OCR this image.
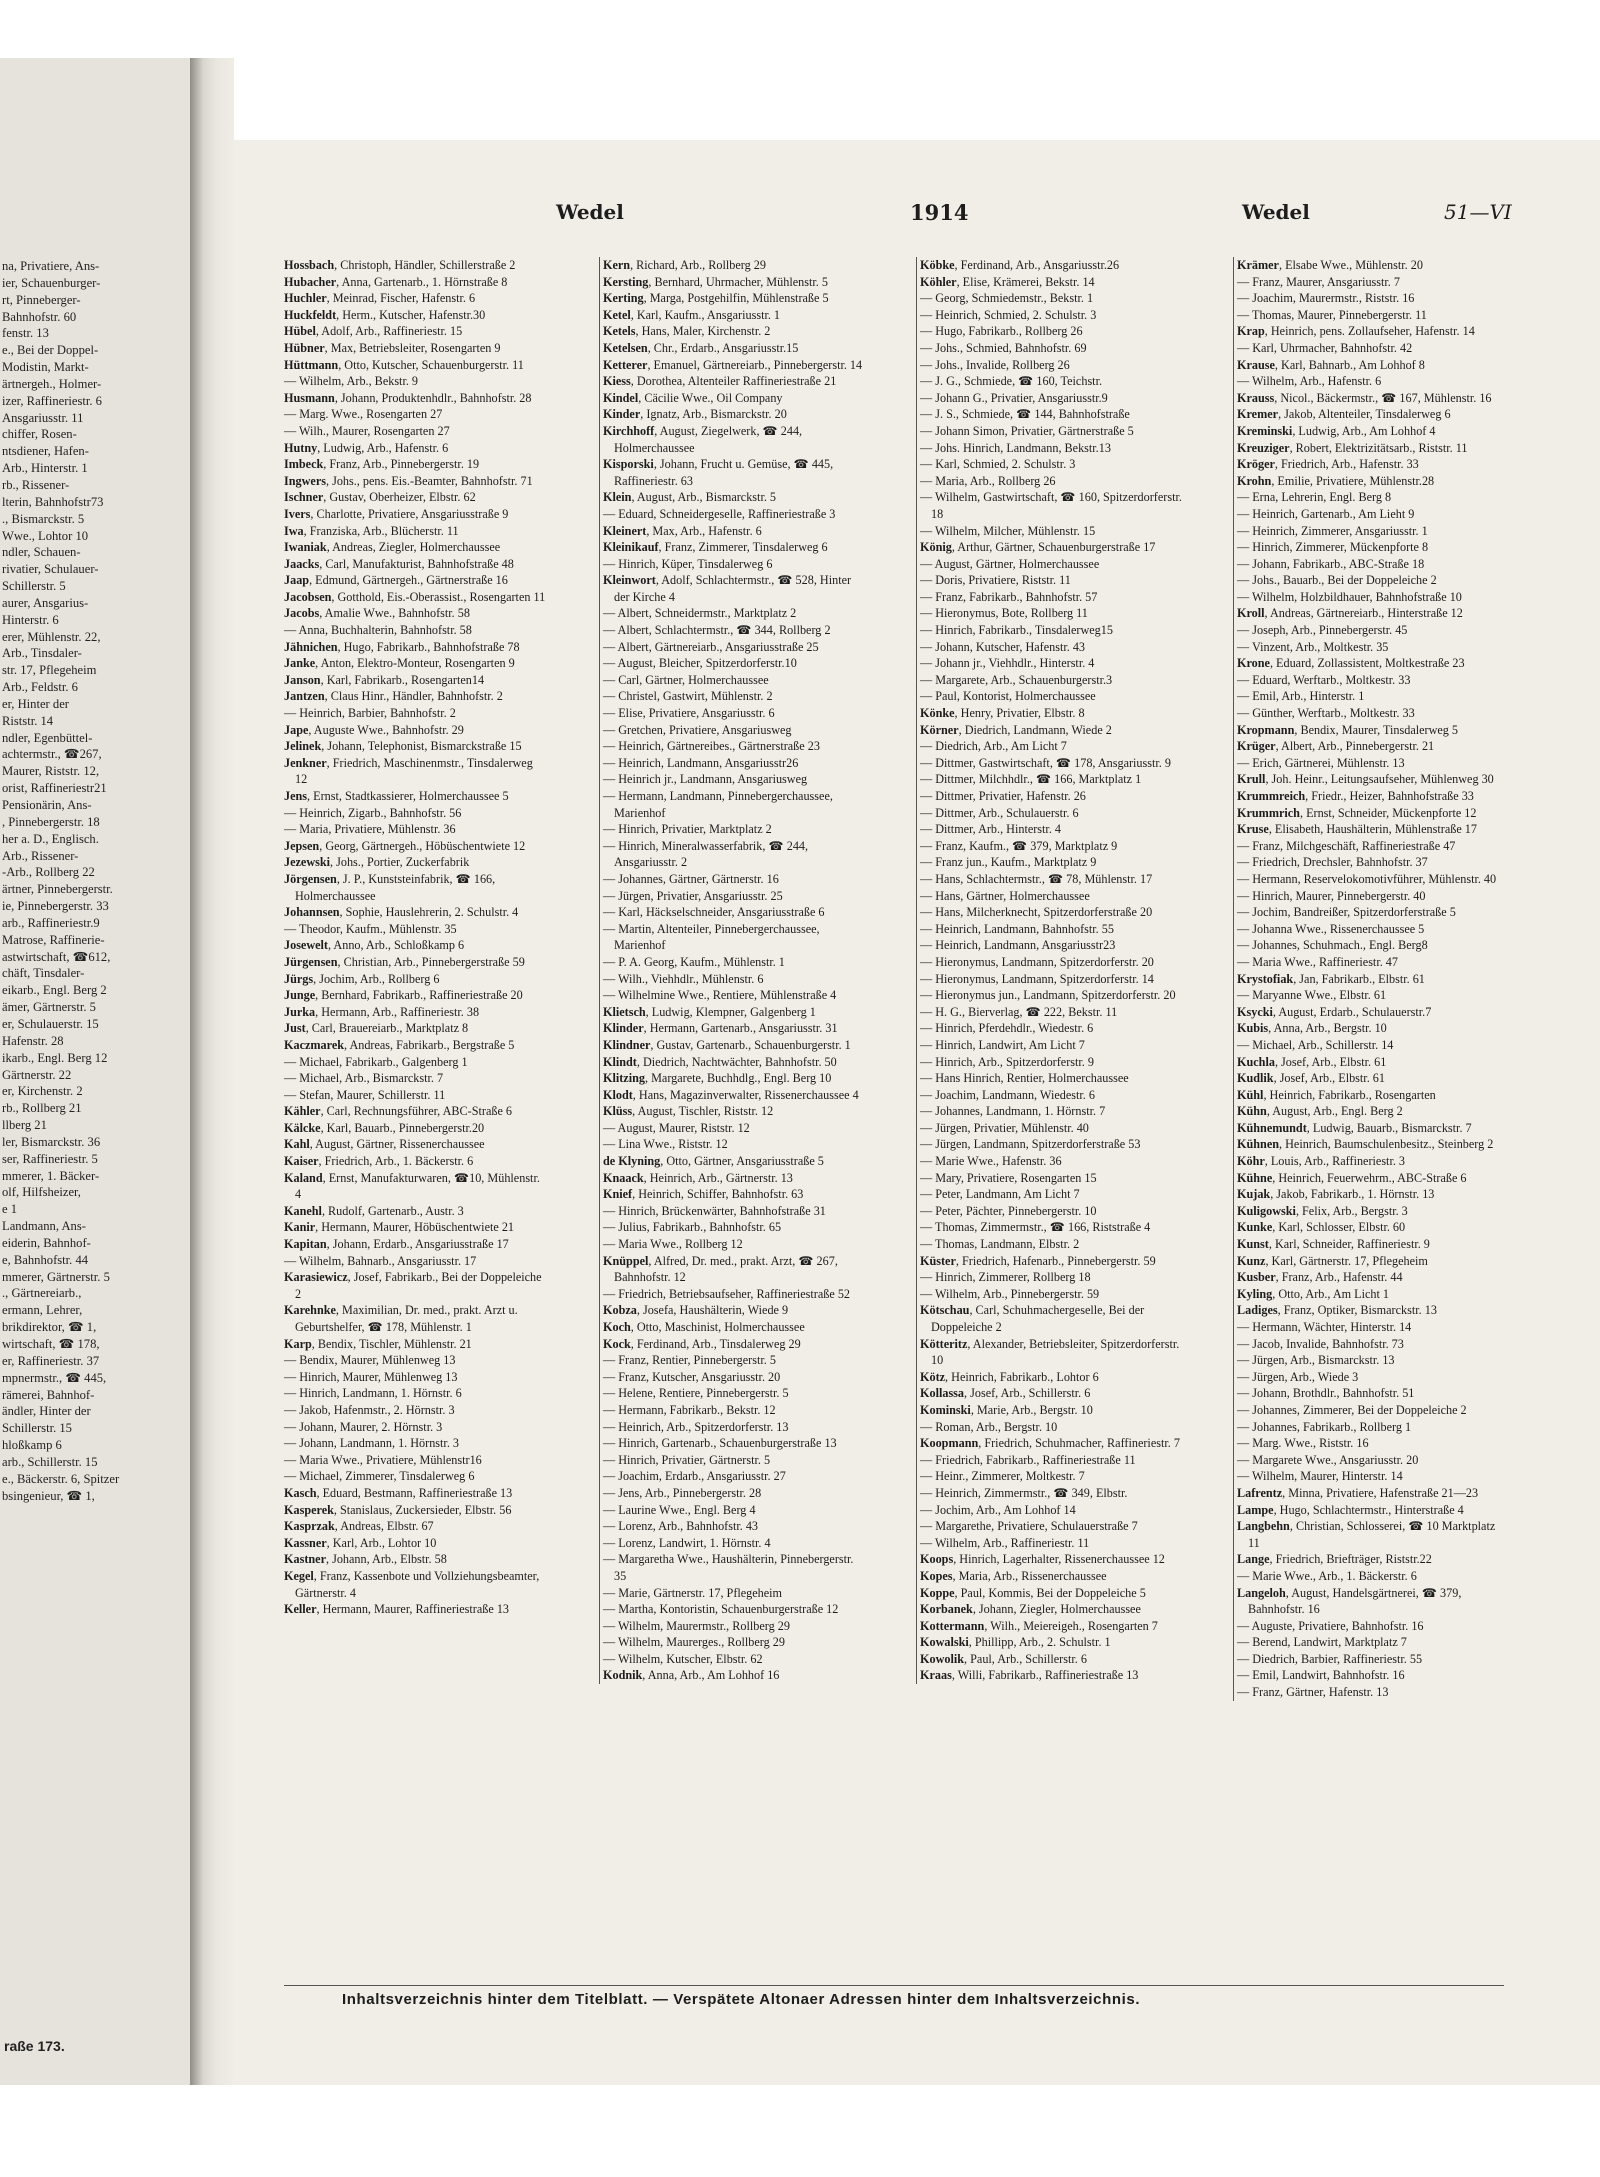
na, Privatiere, Ans-
ier, Schauenburger-
rt, Pinneberger-
Bahnhofstr. 60
fenstr. 13
e., Bei der Doppel-
Modistin, Markt-
ärtnergeh., Holmer-
izer, Raffineriestr. 6
Ansgariusstr. 11
chiffer, Rosen-
ntsdiener, Hafen-
Arb., Hinterstr. 1
rb., Rissener-
lterin, Bahnhofstr73
., Bismarckstr. 5
Wwe., Lohtor 10
ndler, Schauen-
rivatier, Schulauer-
Schillerstr. 5
aurer, Ansgarius-
Hinterstr. 6
erer, Mühlenstr. 22,
Arb., Tinsdaler-
str. 17, Pflegeheim
Arb., Feldstr. 6
er, Hinter der
Riststr. 14
ndler, Egenbüttel-
achtermstr., ☎267,
Maurer, Riststr. 12,
orist, Raffineriestr21
Pensionärin, Ans-
, Pinnebergerstr. 18
her a. D., Englisch.
Arb., Rissener-
-Arb., Rollberg 22
ärtner, Pinnebergerstr.
ie, Pinnebergerstr. 33
arb., Raffineriestr.9
Matrose, Raffinerie-
astwirtschaft, ☎612,
chäft, Tinsdaler-
eikarb., Engl. Berg 2
ämer, Gärtnerstr. 5
er, Schulauerstr. 15
Hafenstr. 28
ikarb., Engl. Berg 12
Gärtnerstr. 22
er, Kirchenstr. 2
rb., Rollberg 21
llberg 21
ler, Bismarckstr. 36
ser, Raffineriestr. 5
mmerer, 1. Bäcker-
olf, Hilfsheizer,
e 1
Landmann, Ans-
eiderin, Bahnhof-
e, Bahnhofstr. 44
mmerer, Gärtnerstr. 5
., Gärtnereiarb.,
ermann, Lehrer,
brikdirektor, ☎ 1,
wirtschaft, ☎ 178,
er, Raffineriestr. 37
mpnermstr., ☎ 445,
rämerei, Bahnhof-
ändler, Hinter der
Schillerstr. 15
hloßkamp 6
arb., Schillerstr. 15
e., Bäckerstr. 6, Spitzer
bsingenieur, ☎ 1,
raße 173.
Wedel	1914	Wedel	51—VI
Hossbach, Christoph, Händler, Schillerstraße 2
Hubacher, Anna, Gartenarb., 1. Hörnstraße 8
Huchler, Meinrad, Fischer, Hafenstr. 6
Huckfeldt, Herm., Kutscher, Hafenstr.30
Hübel, Adolf, Arb., Raffineriestr. 15
Hübner, Max, Betriebsleiter, Rosengarten 9
Hüttmann, Otto, Kutscher, Schauenburgerstr. 11
— Wilhelm, Arb., Bekstr. 9
Husmann, Johann, Produktenhdlr., Bahnhofstr. 28
— Marg. Wwe., Rosengarten 27
— Wilh., Maurer, Rosengarten 27
Hutny, Ludwig, Arb., Hafenstr. 6
Imbeck, Franz, Arb., Pinnebergerstr. 19
Ingwers, Johs., pens. Eis.-Beamter, Bahnhofstr. 71
Ischner, Gustav, Oberheizer, Elbstr. 62
Ivers, Charlotte, Privatiere, Ansgariusstraße 9
Iwa, Franziska, Arb., Blücherstr. 11
Iwaniak, Andreas, Ziegler, Holmerchaussee
Jaacks, Carl, Manufakturist, Bahnhofstraße 48
Jaap, Edmund, Gärtnergeh., Gärtnerstraße 16
Jacobsen, Gotthold, Eis.-Oberassist., Rosengarten 11
Jacobs, Amalie Wwe., Bahnhofstr. 58
— Anna, Buchhalterin, Bahnhofstr. 58
Jähnichen, Hugo, Fabrikarb., Bahnhofstraße 78
Janke, Anton, Elektro-Monteur, Rosengarten 9
Janson, Karl, Fabrikarb., Rosengarten14
Jantzen, Claus Hinr., Händler, Bahnhofstr. 2
— Heinrich, Barbier, Bahnhofstr. 2
Jape, Auguste Wwe., Bahnhofstr. 29
Jelinek, Johann, Telephonist, Bismarckstraße 15
Jenkner, Friedrich, Maschinenmstr., Tinsdalerweg 12
Jens, Ernst, Stadtkassierer, Holmerchaussee 5
— Heinrich, Zigarb., Bahnhofstr. 56
— Maria, Privatiere, Mühlenstr. 36
Jepsen, Georg, Gärtnergeh., Höbüschentwiete 12
Jezewski, Johs., Portier, Zuckerfabrik
Jörgensen, J. P., Kunststeinfabrik, ☎ 166, Holmerchaussee
Johannsen, Sophie, Hauslehrerin, 2. Schulstr. 4
— Theodor, Kaufm., Mühlenstr. 35
Josewelt, Anno, Arb., Schloßkamp 6
Jürgensen, Christian, Arb., Pinnebergerstraße 59
Jürgs, Jochim, Arb., Rollberg 6
Junge, Bernhard, Fabrikarb., Raffineriestraße 20
Jurka, Hermann, Arb., Raffineriestr. 38
Just, Carl, Brauereiarb., Marktplatz 8
Kaczmarek, Andreas, Fabrikarb., Bergstraße 5
— Michael, Fabrikarb., Galgenberg 1
— Michael, Arb., Bismarckstr. 7
— Stefan, Maurer, Schillerstr. 11
Kähler, Carl, Rechnungsführer, ABC-Straße 6
Kälcke, Karl, Bauarb., Pinnebergerstr.20
Kahl, August, Gärtner, Rissenerchaussee
Kaiser, Friedrich, Arb., 1. Bäckerstr. 6
Kaland, Ernst, Manufakturwaren, ☎10, Mühlenstr. 4
Kanehl, Rudolf, Gartenarb., Austr. 3
Kanir, Hermann, Maurer, Höbüschentwiete 21
Kapitan, Johann, Erdarb., Ansgariusstraße 17
— Wilhelm, Bahnarb., Ansgariusstr. 17
Karasiewicz, Josef, Fabrikarb., Bei der Doppeleiche 2
Karehnke, Maximilian, Dr. med., prakt. Arzt u. Geburtshelfer, ☎ 178, Mühlenstr. 1
Karp, Bendix, Tischler, Mühlenstr. 21
— Bendix, Maurer, Mühlenweg 13
— Hinrich, Maurer, Mühlenweg 13
— Hinrich, Landmann, 1. Hörnstr. 6
— Jakob, Hafenmstr., 2. Hörnstr. 3
— Johann, Maurer, 2. Hörnstr. 3
— Johann, Landmann, 1. Hörnstr. 3
— Maria Wwe., Privatiere, Mühlenstr16
— Michael, Zimmerer, Tinsdalerweg 6
Kasch, Eduard, Bestmann, Raffineriestraße 13
Kasperek, Stanislaus, Zuckersieder, Elbstr. 56
Kasprzak, Andreas, Elbstr. 67
Kassner, Karl, Arb., Lohtor 10
Kastner, Johann, Arb., Elbstr. 58
Kegel, Franz, Kassenbote und Vollziehungsbeamter, Gärtnerstr. 4
Keller, Hermann, Maurer, Raffineriestraße 13
Kern, Richard, Arb., Rollberg 29
Kersting, Bernhard, Uhrmacher, Mühlenstr. 5
Kerting, Marga, Postgehilfin, Mühlenstraße 5
Ketel, Karl, Kaufm., Ansgariusstr. 1
Ketels, Hans, Maler, Kirchenstr. 2
Ketelsen, Chr., Erdarb., Ansgariusstr.15
Ketterer, Emanuel, Gärtnereiarb., Pinnebergerstr. 14
Kiess, Dorothea, Altenteiler Raffineriestraße 21
Kindel, Cäcilie Wwe., Oil Company
Kinder, Ignatz, Arb., Bismarckstr. 20
Kirchhoff, August, Ziegelwerk, ☎ 244, Holmerchaussee
Kisporski, Johann, Frucht u. Gemüse, ☎ 445, Raffineriestr. 63
Klein, August, Arb., Bismarckstr. 5
— Eduard, Schneidergeselle, Raffineriestraße 3
Kleinert, Max, Arb., Hafenstr. 6
Kleinikauf, Franz, Zimmerer, Tinsdalerweg 6
— Hinrich, Küper, Tinsdalerweg 6
Kleinwort, Adolf, Schlachtermstr., ☎ 528, Hinter der Kirche 4
— Albert, Schneidermstr., Marktplatz 2
— Albert, Schlachtermstr., ☎ 344, Rollberg 2
— Albert, Gärtnereiarb., Ansgariusstraße 25
— August, Bleicher, Spitzerdorferstr.10
— Carl, Gärtner, Holmerchaussee
— Christel, Gastwirt, Mühlenstr. 2
— Elise, Privatiere, Ansgariusstr. 6
— Gretchen, Privatiere, Ansgariusweg
— Heinrich, Gärtnereibes., Gärtnerstraße 23
— Heinrich, Landmann, Ansgariusstr26
— Heinrich jr., Landmann, Ansgariusweg
— Hermann, Landmann, Pinnebergerchaussee, Marienhof
— Hinrich, Privatier, Marktplatz 2
— Hinrich, Mineralwasserfabrik, ☎ 244, Ansgariusstr. 2
— Johannes, Gärtner, Gärtnerstr. 16
— Jürgen, Privatier, Ansgariusstr. 25
— Karl, Häckselschneider, Ansgariusstraße 6
— Martin, Altenteiler, Pinnebergerchaussee, Marienhof
— P. A. Georg, Kaufm., Mühlenstr. 1
— Wilh., Viehhdlr., Mühlenstr. 6
— Wilhelmine Wwe., Rentiere, Mühlenstraße 4
Klietsch, Ludwig, Klempner, Galgenberg 1
Klinder, Hermann, Gartenarb., Ansgariusstr. 31
Klindner, Gustav, Gartenarb., Schauenburgerstr. 1
Klindt, Diedrich, Nachtwächter, Bahnhofstr. 50
Klitzing, Margarete, Buchhdlg., Engl. Berg 10
Klodt, Hans, Magazinverwalter, Rissenerchaussee 4
Klüss, August, Tischler, Riststr. 12
— August, Maurer, Riststr. 12
— Lina Wwe., Riststr. 12
de Klyning, Otto, Gärtner, Ansgariusstraße 5
Knaack, Heinrich, Arb., Gärtnerstr. 13
Knief, Heinrich, Schiffer, Bahnhofstr. 63
— Hinrich, Brückenwärter, Bahnhofstraße 31
— Julius, Fabrikarb., Bahnhofstr. 65
— Maria Wwe., Rollberg 12
Knüppel, Alfred, Dr. med., prakt. Arzt, ☎ 267, Bahnhofstr. 12
— Friedrich, Betriebsaufseher, Raffineriestraße 52
Kobza, Josefa, Haushälterin, Wiede 9
Koch, Otto, Maschinist, Holmerchaussee
Kock, Ferdinand, Arb., Tinsdalerweg 29
— Franz, Rentier, Pinnebergerstr. 5
— Franz, Kutscher, Ansgariusstr. 20
— Helene, Rentiere, Pinnebergerstr. 5
— Hermann, Fabrikarb., Bekstr. 12
— Heinrich, Arb., Spitzerdorferstr. 13
— Hinrich, Gartenarb., Schauenburgerstraße 13
— Hinrich, Privatier, Gärtnerstr. 5
— Joachim, Erdarb., Ansgariusstr. 27
— Jens, Arb., Pinnebergerstr. 28
— Laurine Wwe., Engl. Berg 4
— Lorenz, Arb., Bahnhofstr. 43
— Lorenz, Landwirt, 1. Hörnstr. 4
— Margaretha Wwe., Haushälterin, Pinnebergerstr. 35
— Marie, Gärtnerstr. 17, Pflegeheim
— Martha, Kontoristin, Schauenburgerstraße 12
— Wilhelm, Maurermstr., Rollberg 29
— Wilhelm, Maurerges., Rollberg 29
— Wilhelm, Kutscher, Elbstr. 62
Kodnik, Anna, Arb., Am Lohhof 16
Köbke, Ferdinand, Arb., Ansgariusstr.26
Köhler, Elise, Krämerei, Bekstr. 14
— Georg, Schmiedemstr., Bekstr. 1
— Heinrich, Schmied, 2. Schulstr. 3
— Hugo, Fabrikarb., Rollberg 26
— Johs., Schmied, Bahnhofstr. 69
— Johs., Invalide, Rollberg 26
— J. G., Schmiede, ☎ 160, Teichstr.
— Johann G., Privatier, Ansgariusstr.9
— J. S., Schmiede, ☎ 144, Bahnhofstraße
— Johann Simon, Privatier, Gärtnerstraße 5
— Johs. Hinrich, Landmann, Bekstr.13
— Karl, Schmied, 2. Schulstr. 3
— Maria, Arb., Rollberg 26
— Wilhelm, Gastwirtschaft, ☎ 160, Spitzerdorferstr. 18
— Wilhelm, Milcher, Mühlenstr. 15
König, Arthur, Gärtner, Schauenburgerstraße 17
— August, Gärtner, Holmerchaussee
— Doris, Privatiere, Riststr. 11
— Franz, Fabrikarb., Bahnhofstr. 57
— Hieronymus, Bote, Rollberg 11
— Hinrich, Fabrikarb., Tinsdalerweg15
— Johann, Kutscher, Hafenstr. 43
— Johann jr., Viehhdlr., Hinterstr. 4
— Margarete, Arb., Schauenburgerstr.3
— Paul, Kontorist, Holmerchaussee
Könke, Henry, Privatier, Elbstr. 8
Körner, Diedrich, Landmann, Wiede 2
— Diedrich, Arb., Am Licht 7
— Dittmer, Gastwirtschaft, ☎ 178, Ansgariusstr. 9
— Dittmer, Milchhdlr., ☎ 166, Marktplatz 1
— Dittmer, Privatier, Hafenstr. 26
— Dittmer, Arb., Schulauerstr. 6
— Dittmer, Arb., Hinterstr. 4
— Franz, Kaufm., ☎ 379, Marktplatz 9
— Franz jun., Kaufm., Marktplatz 9
— Hans, Schlachtermstr., ☎ 78, Mühlenstr. 17
— Hans, Gärtner, Holmerchaussee
— Hans, Milcherknecht, Spitzerdorferstraße 20
— Heinrich, Landmann, Bahnhofstr. 55
— Heinrich, Landmann, Ansgariusstr23
— Hieronymus, Landmann, Spitzerdorferstr. 20
— Hieronymus, Landmann, Spitzerdorferstr. 14
— Hieronymus jun., Landmann, Spitzerdorferstr. 20
— H. G., Bierverlag, ☎ 222, Bekstr. 11
— Hinrich, Pferdehdlr., Wiedestr. 6
— Hinrich, Landwirt, Am Licht 7
— Hinrich, Arb., Spitzerdorferstr. 9
— Hans Hinrich, Rentier, Holmerchaussee
— Joachim, Landmann, Wiedestr. 6
— Johannes, Landmann, 1. Hörnstr. 7
— Jürgen, Privatier, Mühlenstr. 40
— Jürgen, Landmann, Spitzerdorferstraße 53
— Marie Wwe., Hafenstr. 36
— Mary, Privatiere, Rosengarten 15
— Peter, Landmann, Am Licht 7
— Peter, Pächter, Pinnebergerstr. 10
— Thomas, Zimmermstr., ☎ 166, Riststraße 4
— Thomas, Landmann, Elbstr. 2
Küster, Friedrich, Hafenarb., Pinnebergerstr. 59
— Hinrich, Zimmerer, Rollberg 18
— Wilhelm, Arb., Pinnebergerstr. 59
Kötschau, Carl, Schuhmachergeselle, Bei der Doppeleiche 2
Kötteritz, Alexander, Betriebsleiter, Spitzerdorferstr. 10
Kötz, Heinrich, Fabrikarb., Lohtor 6
Kollassa, Josef, Arb., Schillerstr. 6
Kominski, Marie, Arb., Bergstr. 10
— Roman, Arb., Bergstr. 10
Koopmann, Friedrich, Schuhmacher, Raffineriestr. 7
— Friedrich, Fabrikarb., Raffineriestraße 11
— Heinr., Zimmerer, Moltkestr. 7
— Heinrich, Zimmermstr., ☎ 349, Elbstr.
— Jochim, Arb., Am Lohhof 14
— Margarethe, Privatiere, Schulauerstraße 7
— Wilhelm, Arb., Raffineriestr. 11
Koops, Hinrich, Lagerhalter, Rissenerchaussee 12
Kopes, Maria, Arb., Rissenerchaussee
Koppe, Paul, Kommis, Bei der Doppeleiche 5
Korbanek, Johann, Ziegler, Holmerchaussee
Kottermann, Wilh., Meiereigeh., Rosengarten 7
Kowalski, Phillipp, Arb., 2. Schulstr. 1
Kowolik, Paul, Arb., Schillerstr. 6
Kraas, Willi, Fabrikarb., Raffineriestraße 13
Krämer, Elsabe Wwe., Mühlenstr. 20
— Franz, Maurer, Ansgariusstr. 7
— Joachim, Maurermstr., Riststr. 16
— Thomas, Maurer, Pinnebergerstr. 11
Krap, Heinrich, pens. Zollaufseher, Hafenstr. 14
— Karl, Uhrmacher, Bahnhofstr. 42
Krause, Karl, Bahnarb., Am Lohhof 8
— Wilhelm, Arb., Hafenstr. 6
Krauss, Nicol., Bäckermstr., ☎ 167, Mühlenstr. 16
Kremer, Jakob, Altenteiler, Tinsdalerweg 6
Kreminski, Ludwig, Arb., Am Lohhof 4
Kreuziger, Robert, Elektrizitätsarb., Riststr. 11
Kröger, Friedrich, Arb., Hafenstr. 33
Krohn, Emilie, Privatiere, Mühlenstr.28
— Erna, Lehrerin, Engl. Berg 8
— Heinrich, Gartenarb., Am Lieht 9
— Heinrich, Zimmerer, Ansgariusstr. 1
— Hinrich, Zimmerer, Mückenpforte 8
— Johann, Fabrikarb., ABC-Straße 18
— Johs., Bauarb., Bei der Doppeleiche 2
— Wilhelm, Holzbildhauer, Bahnhofstraße 10
Kroll, Andreas, Gärtnereiarb., Hinterstraße 12
— Joseph, Arb., Pinnebergerstr. 45
— Vinzent, Arb., Moltkestr. 35
Krone, Eduard, Zollassistent, Moltkestraße 23
— Eduard, Werftarb., Moltkestr. 33
— Emil, Arb., Hinterstr. 1
— Günther, Werftarb., Moltkestr. 33
Kropmann, Bendix, Maurer, Tinsdalerweg 5
Krüger, Albert, Arb., Pinnebergerstr. 21
— Erich, Gärtnerei, Mühlenstr. 13
Krull, Joh. Heinr., Leitungsaufseher, Mühlenweg 30
Krummreich, Friedr., Heizer, Bahnhofstraße 33
Krummrich, Ernst, Schneider, Mückenpforte 12
Kruse, Elisabeth, Haushälterin, Mühlenstraße 17
— Franz, Milchgeschäft, Raffineriestraße 47
— Friedrich, Drechsler, Bahnhofstr. 37
— Hermann, Reservelokomotivführer, Mühlenstr. 40
— Hinrich, Maurer, Pinnebergerstr. 40
— Jochim, Bandreißer, Spitzerdorferstraße 5
— Johanna Wwe., Rissenerchaussee 5
— Johannes, Schuhmach., Engl. Berg8
— Maria Wwe., Raffineriestr. 47
Krystofiak, Jan, Fabrikarb., Elbstr. 61
— Maryanne Wwe., Elbstr. 61
Ksycki, August, Erdarb., Schulauerstr.7
Kubis, Anna, Arb., Bergstr. 10
— Michael, Arb., Schillerstr. 14
Kuchla, Josef, Arb., Elbstr. 61
Kudlik, Josef, Arb., Elbstr. 61
Kühl, Heinrich, Fabrikarb., Rosengarten
Kühn, August, Arb., Engl. Berg 2
Kühnemundt, Ludwig, Bauarb., Bismarckstr. 7
Kühnen, Heinrich, Baumschulenbesitz., Steinberg 2
Köhr, Louis, Arb., Raffineriestr. 3
Kühne, Heinrich, Feuerwehrm., ABC-Straße 6
Kujak, Jakob, Fabrikarb., 1. Hörnstr. 13
Kuligowski, Felix, Arb., Bergstr. 3
Kunke, Karl, Schlosser, Elbstr. 60
Kunst, Karl, Schneider, Raffineriestr. 9
Kunz, Karl, Gärtnerstr. 17, Pflegeheim
Kusber, Franz, Arb., Hafenstr. 44
Kyling, Otto, Arb., Am Licht 1
Ladiges, Franz, Optiker, Bismarckstr. 13
— Hermann, Wächter, Hinterstr. 14
— Jacob, Invalide, Bahnhofstr. 73
— Jürgen, Arb., Bismarckstr. 13
— Jürgen, Arb., Wiede 3
— Johann, Brothdlr., Bahnhofstr. 51
— Johannes, Zimmerer, Bei der Doppeleiche 2
— Johannes, Fabrikarb., Rollberg 1
— Marg. Wwe., Riststr. 16
— Margarete Wwe., Ansgariusstr. 20
— Wilhelm, Maurer, Hinterstr. 14
Lafrentz, Minna, Privatiere, Hafenstraße 21—23
Lampe, Hugo, Schlachtermstr., Hinterstraße 4
Langbehn, Christian, Schlosserei, ☎ 10 Marktplatz 11
Lange, Friedrich, Briefträger, Riststr.22
— Marie Wwe., Arb., 1. Bäckerstr. 6
Langeloh, August, Handelsgärtnerei, ☎ 379, Bahnhofstr. 16
— Auguste, Privatiere, Bahnhofstr. 16
— Berend, Landwirt, Marktplatz 7
— Diedrich, Barbier, Raffineriestr. 55
— Emil, Landwirt, Bahnhofstr. 16
— Franz, Gärtner, Hafenstr. 13
Inhaltsverzeichnis hinter dem Titelblatt. — Verspätete Altonaer Adressen hinter dem Inhaltsverzeichnis.
